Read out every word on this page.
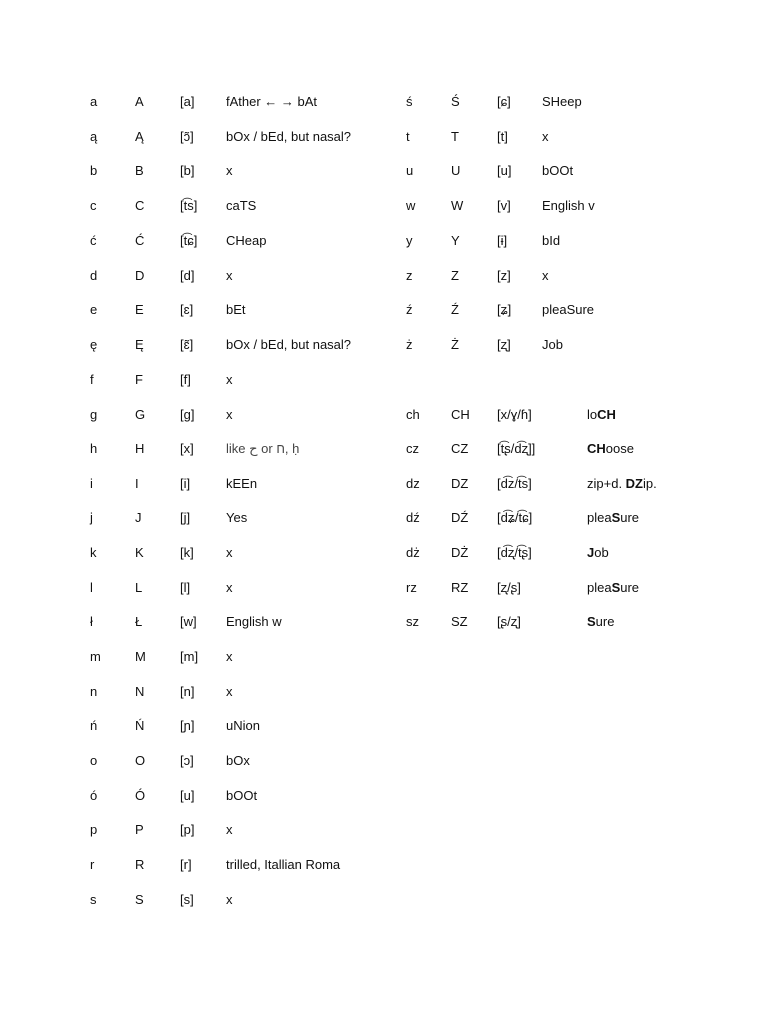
a	A	[a] fAther ← → bAt
ą	Ą	[ɔ̃] bOx / bEd, but nasal?
b	B	[b] x
c	C	[t͡s] caTS
ć	Ć	[t͡ɕ] CHeap
d	D	[d] x
e	E	[ɛ]	bEt
ę	Ę	[ɛ̃]	bOx / bEd, but nasal?
f	F	[f]	x
g	G	[g] x
h	H	[x] like ح or ח, ḥ
i	I	[i]	kEEn
j	J	[j]	Yes
k	K	[k] x
l	L	[l]	x
ł	Ł	[w] English w
m	M	[m] x
n	N	[n] x
ń	Ń	[ɲ] uNion
o	O	[ɔ] bOx
ó	Ó	[u] bOOt
p	P	[p] x
r	R	[r]	trilled, Itallian Roma
s	S	[s] x
ś	Ś	[ɕ] SHeep
t	T	[t]	x
u	U	[u] bOOt
w	W	[v] English v
y	Y	[ɨ]	bId
z	Z	[z] x
ź	Ź	[ʑ] pleaSure
ż	Ż	[ʐ] Job
ch CH [x/ɣ/ɦ]	loCH
cz CZ [t͡ʂ/d͡ʐ]]	CHoose
dz DZ [d͡z/t͡s]	zip+d. DZip.
dź DŹ [d͡ʑ/t͡ɕ]	pleaSure
dż DŻ [d͡ʐ/t͡ʂ]	Job
rz	RZ [ʐ/ʂ]	pleaSure
sz SZ [ʂ/ʐ]	Sure
